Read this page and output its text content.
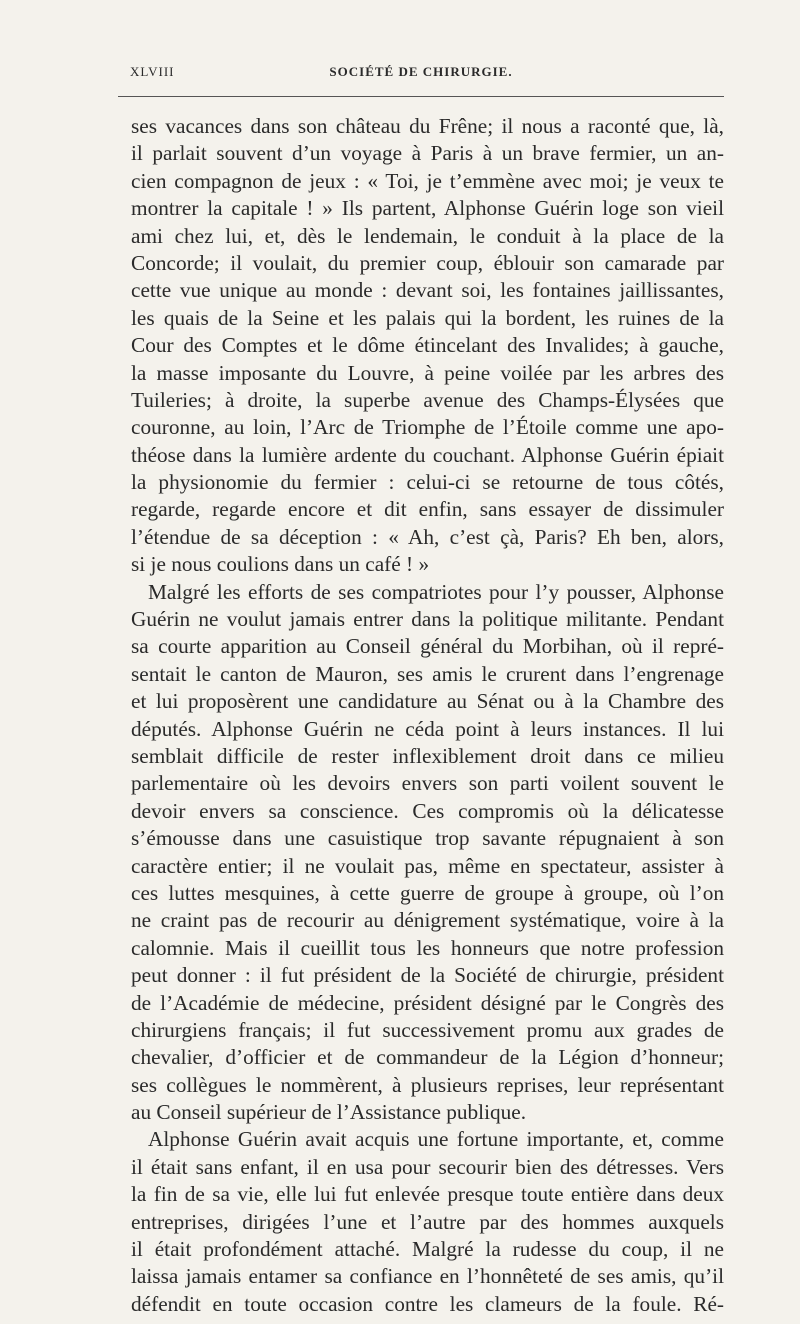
XLVIII	SOCIÉTÉ DE CHIRURGIE.
ses vacances dans son château du Frêne; il nous a raconté que, là,
il parlait souvent d’un voyage à Paris à un brave fermier, un an-
cien compagnon de jeux : « Toi, je t’emmène avec moi; je veux te
montrer la capitale ! » Ils partent, Alphonse Guérin loge son vieil
ami chez lui, et, dès le lendemain, le conduit à la place de la
Concorde; il voulait, du premier coup, éblouir son camarade par
cette vue unique au monde : devant soi, les fontaines jaillissantes,
les quais de la Seine et les palais qui la bordent, les ruines de la
Cour des Comptes et le dôme étincelant des Invalides; à gauche,
la masse imposante du Louvre, à peine voilée par les arbres des
Tuileries; à droite, la superbe avenue des Champs-Élysées que
couronne, au loin, l’Arc de Triomphe de l’Étoile comme une apo-
théose dans la lumière ardente du couchant. Alphonse Guérin épiait
la physionomie du fermier : celui-ci se retourne de tous côtés,
regarde, regarde encore et dit enfin, sans essayer de dissimuler
l’étendue de sa déception : « Ah, c’est çà, Paris? Eh ben, alors,
si je nous coulions dans un café ! »
Malgré les efforts de ses compatriotes pour l’y pousser, Alphonse
Guérin ne voulut jamais entrer dans la politique militante. Pendant
sa courte apparition au Conseil général du Morbihan, où il repré-
sentait le canton de Mauron, ses amis le crurent dans l’engrenage
et lui proposèrent une candidature au Sénat ou à la Chambre des
députés. Alphonse Guérin ne céda point à leurs instances. Il lui
semblait difficile de rester inflexiblement droit dans ce milieu
parlementaire où les devoirs envers son parti voilent souvent le
devoir envers sa conscience. Ces compromis où la délicatesse
s’émousse dans une casuistique trop savante répugnaient à son
caractère entier; il ne voulait pas, même en spectateur, assister à
ces luttes mesquines, à cette guerre de groupe à groupe, où l’on
ne craint pas de recourir au dénigrement systématique, voire à la
calomnie. Mais il cueillit tous les honneurs que notre profession
peut donner : il fut président de la Société de chirurgie, président
de l’Académie de médecine, président désigné par le Congrès des
chirurgiens français; il fut successivement promu aux grades de
chevalier, d’officier et de commandeur de la Légion d’honneur;
ses collègues le nommèrent, à plusieurs reprises, leur représentant
au Conseil supérieur de l’Assistance publique.
Alphonse Guérin avait acquis une fortune importante, et, comme
il était sans enfant, il en usa pour secourir bien des détresses. Vers
la fin de sa vie, elle lui fut enlevée presque toute entière dans deux
entreprises, dirigées l’une et l’autre par des hommes auxquels
il était profondément attaché. Malgré la rudesse du coup, il ne
laissa jamais entamer sa confiance en l’honnêteté de ses amis, qu’il
défendit en toute occasion contre les clameurs de la foule. Ré-
